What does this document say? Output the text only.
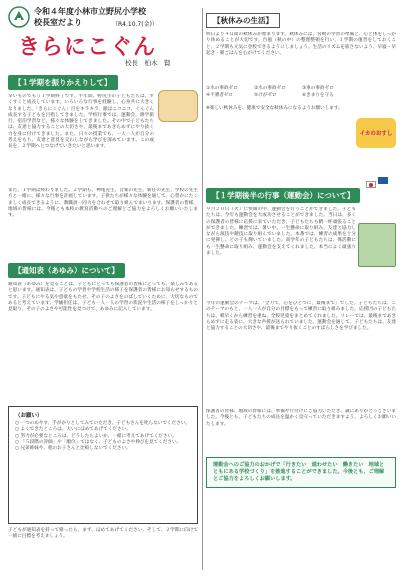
令和４年度小林市立野尻小学校
校長室だより	（R4.10.7(金)）
きらにこぐん
校長　柏木　賢
【１学期を振りかえりして】

早いものでもう１学期終了です。半年間、野尻小の子どもたちは、すくすくと成長しています。いろいろな行事を経験し、心身共に大きくなりました。「きらにこぐん」目をキラキラ、顔はニコニコ、ぐんぐん成長する子どもを目指してきました。学校行事では、運動会、修学旅行、宿泊学習など、様々な体験をしてきました。その中で子どもたちは、友達と協力することの大切さや、最後まであきらめずにやり抜く力を身に付けてきました。また、日々の授業でも、一人一人が自分の考えをもち、友達と意見を交わしながら学びを深めています。この成長を、２学期へとつなげていきたいと思います。

また、１学期は終わりました。２学期も、神尾先生、音楽の先生、新任の先生、学校の先生方と一緒に、様々な行事を計画しています。子供たちが様々な体験を通して、心豊かにたくましく成長できるように、教職員一同力を合わせて取り組んでまいります。保護者の皆様、地域の皆様には、今後とも本校の教育活動へのご理解とご協力をよろしくお願いいたします。

【通知表（あゆみ）について】

通知表（あゆみ）を見ることは、子どもにとっても保護者の皆様にとっても、楽しみであると思います。通知表は、子どもの学習や学校生活の様子を保護者の皆様にお知らせするものです。子どもにやる気や意欲をもたせ、その子のよさをのばしていくために、大切なものであると考えています。学級担任は、子ども一人一人の学習の状況や生活の様子をしっかりと見取り、その子のよさや可能性を見つけて、あゆみに記入しています。

（お願い）
○ 一つのめやす、手がかりとしてみていただき、子どもさんを叱らないでください。
○ よくできたところは、大いにほめてあげてください。
○ 努力が必要なところは、どうしたらよいか、一緒に考えてあげてください。
○ 「５段階の評価」や「順位」ではなく、子どものよさや伸びを見てください。
○ 兄弟姉妹や、他のお子さんと比較しないでください。

子どもが通知表を持って帰ったら、まず、ほめてあげてください。そして、２学期に向けて一緒に目標を考えましょう。

【秋休みの生活】

明日より４日間の秋休みが始まります。秋休みには、宮崎の学習の準備と、心と体をしっかり休めることが大切です。台風（秋の中）の整理整頓を行い、１学期の復習をしておくこと、２学期も元気に登校できるようにしましょう。生活のリズムを崩さないよう、早寝・早起き・朝ごはんを心がけてください。

①水の事故ゼロ	②水の事故ゼロ	③車の事故ゼロ
④不審者ゼロ	⑤けがゼロ	⑥きまりを守る

※楽しい秋休みを、健康で安全な秋休みになるようお願いします。

イカのおすし
【１学期後半の行事（運動会）について】

９月２０日（火）に快晴の中、運動会を行うことができました。子どもたちは、今年も運動会を大成功させることができました。当日は、多くの保護者の皆様に応援に来ていただき、子どもたちも精一杯頑張ることができました。練習では、暑い中、一生懸命に取り組み、友達と協力しながら演技や競技に取り組んでいました。本番では、練習の成果を十分に発揮し、どの子も輝いていました。高学年の子どもたちは、係活動にも一生懸命に取り組み、運動会を支えてくれました。本当によく頑張りました。

今年の運動会のテーマは、「全力で、心をひとつに、最後まで」でした。子どもたちは、このテーマのもと、一人一人が自分の目標をもって練習に取り組みました。応援団の子どもたちは、朝早くから練習を重ね、全校児童をまとめてくれました。リレーでは、最後まであきらめずに走る姿に、大きな声援が送られていました。運動会を通して、子どもたちは、友達と協力することの大切さや、最後までやり抜くことのすばらしさを学びました。

保護者の皆様、地域の皆様には、準備や片付けにご協力いただき、誠にありがとうございました。今後とも、子どもたちの成長を温かく見守っていただきますよう、よろしくお願いいたします。

運動会へのご協力のおかげで「行きたい　通わせたい　働きたい　地域とともにある学校づくり」を推進することができました。今後とも、ご理解とご協力をよろしくお願いします。
